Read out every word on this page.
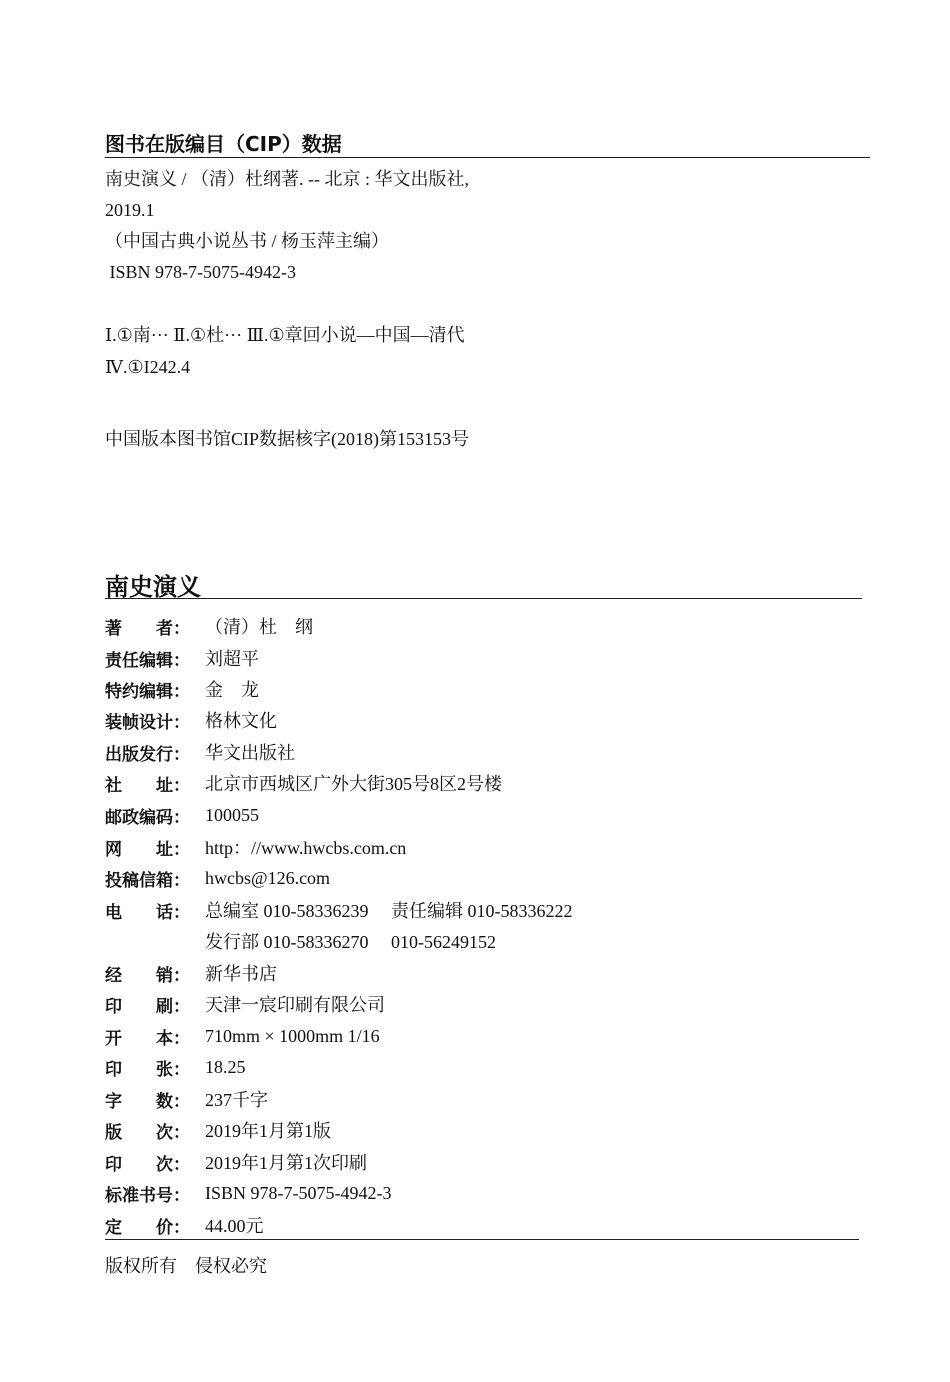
图书在版编目（CIP）数据
南史演义 / （清）杜纲著. -- 北京 : 华文出版社,
2019.1
（中国古典小说丛书 / 杨玉萍主编）
ISBN 978-7-5075-4942-3
Ⅰ.①南··· Ⅱ.①杜··· Ⅲ.①章回小说—中国—清代
Ⅳ.①I242.4
中国版本图书馆CIP数据核字(2018)第153153号
南史演义
著　　者： （清）杜　纲
责任编辑： 刘超平
特约编辑： 金　龙
装帧设计： 格林文化
出版发行： 华文出版社
社　　址： 北京市西城区广外大街305号8区2号楼
邮政编码： 100055
网　　址： http：//www.hwcbs.com.cn
投稿信箱： hwcbs@126.com
电　　话： 总编室 010-58336239　 责任编辑 010-58336222
发行部 010-58336270　 010-56249152
经　　销： 新华书店
印　　刷： 天津一宸印刷有限公司
开　　本： 710mm × 1000mm 1/16
印　　张： 18.25
字　　数： 237千字
版　　次： 2019年1月第1版
印　　次： 2019年1月第1次印刷
标准书号： ISBN 978-7-5075-4942-3
定　　价： 44.00元
版权所有　侵权必究
